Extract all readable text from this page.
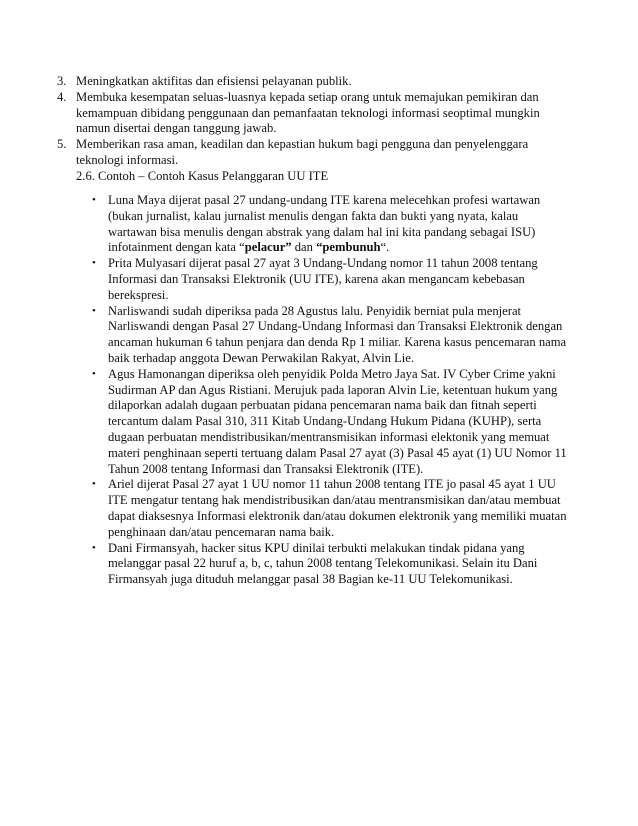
3. Meningkatkan aktifitas dan efisiensi pelayanan publik.
4. Membuka kesempatan seluas-luasnya kepada setiap orang untuk memajukan pemikiran dan kemampuan dibidang penggunaan dan pemanfaatan teknologi informasi seoptimal mungkin namun disertai dengan tanggung jawab.
5. Memberikan rasa aman, keadilan dan kepastian hukum bagi pengguna dan penyelenggara teknologi informasi.
2.6. Contoh – Contoh Kasus Pelanggaran UU ITE

• Luna Maya dijerat pasal 27 undang-undang ITE karena melecehkan profesi wartawan (bukan jurnalist, kalau jurnalist menulis dengan fakta dan bukti yang nyata, kalau wartawan bisa menulis dengan abstrak yang dalam hal ini kita pandang sebagai ISU) infotainment dengan kata “pelacur” dan “pembunuh“.

• Prita Mulyasari dijerat pasal 27 ayat 3 Undang-Undang nomor 11 tahun 2008 tentang Informasi dan Transaksi Elektronik (UU ITE), karena akan mengancam kebebasan berekspresi.

• Narliswandi sudah diperiksa pada 28 Agustus lalu. Penyidik berniat pula menjerat Narliswandi dengan Pasal 27 Undang-Undang Informasi dan Transaksi Elektronik dengan ancaman hukuman 6 tahun penjara dan denda Rp 1 miliar. Karena kasus pencemaran nama baik terhadap anggota Dewan Perwakilan Rakyat, Alvin Lie.

• Agus Hamonangan diperiksa oleh penyidik Polda Metro Jaya Sat. IV Cyber Crime yakni Sudirman AP dan Agus Ristiani. Merujuk pada laporan Alvin Lie, ketentuan hukum yang dilaporkan adalah dugaan perbuatan pidana pencemaran nama baik dan fitnah seperti tercantum dalam Pasal 310, 311 Kitab Undang-Undang Hukum Pidana (KUHP), serta dugaan perbuatan mendistribusikan/mentransmisikan informasi elektonik yang memuat materi penghinaan seperti tertuang dalam Pasal 27 ayat (3) Pasal 45 ayat (1) UU Nomor 11 Tahun 2008 tentang Informasi dan Transaksi Elektronik (ITE).

• Ariel dijerat Pasal 27 ayat 1 UU nomor 11 tahun 2008 tentang ITE jo pasal 45 ayat 1 UU ITE mengatur tentang hak mendistribusikan dan/atau mentransmisikan dan/atau membuat dapat diaksesnya Informasi elektronik dan/atau dokumen elektronik yang memiliki muatan penghinaan dan/atau pencemaran nama baik.

• Dani Firmansyah, hacker situs KPU dinilai terbukti melakukan tindak pidana yang melanggar pasal 22 huruf a, b, c, tahun 2008 tentang Telekomunikasi. Selain itu Dani Firmansyah juga dituduh melanggar pasal 38 Bagian ke-11 UU Telekomunikasi.
